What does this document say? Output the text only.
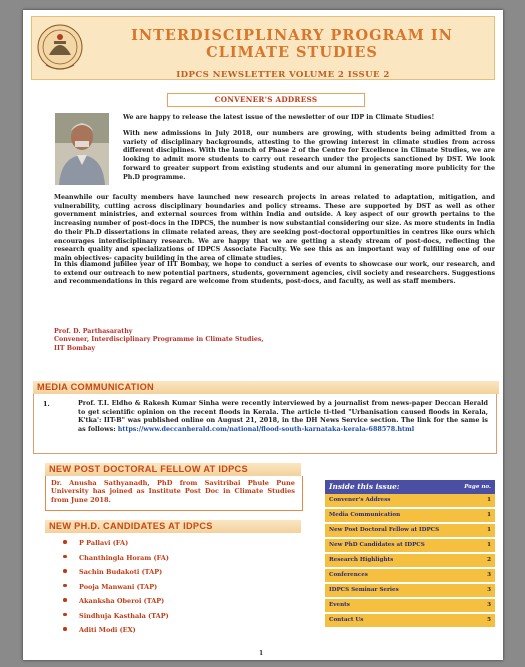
INTERDISCIPLINARY PROGRAM IN
CLIMATE STUDIES
IDPCS NEWSLETTER VOLUME 2 ISSUE 2
CONVENER'S ADDRESS

We are happy to release the latest issue of the newsletter of our IDP in Climate Studies!

With new admissions in July 2018, our numbers are growing, with students being admitted from a variety of disciplinary backgrounds, attesting to the growing interest in climate studies from across different disciplines. With the launch of Phase 2 of the Centre for Excellence in Climate Studies, we are looking to admit more students to carry out research under the projects sanctioned by DST. We look forward to greater support from existing students and our alumni in generating more publicity for the Ph.D programme.

Meanwhile our faculty members have launched new research projects in areas related to adaptation, mitigation, and vulnerability, cutting across disciplinary boundaries and policy streams. These are supported by DST as well as other government ministries, and external sources from within India and outside. A key aspect of our growth pertains to the increasing number of post-docs in the IDPCS, the number is now substantial considering our size. As more students in India do their Ph.D dissertations in climate related areas, they are seeking post-doctoral opportunities in centres like ours which encourages interdisciplinary research. We are happy that we are getting a steady stream of post-docs, reflecting the research quality and specializations of IDPCS Associate Faculty. We see this as an important way of fulfilling one of our main objectives- capacity building in the area of climate studies.

In this diamond jubilee year of IIT Bombay, we hope to conduct a series of events to showcase our work, our research, and to extend our outreach to new potential partners, students, government agencies, civil society and researchers. Suggestions and recommendations in this regard are welcome from students, post-docs, and faculty, as well as staff members.

Prof. D. Parthasarathy
Convener, Interdisciplinary Programme in Climate Studies,
IIT Bombay
MEDIA COMMUNICATION
1.	Prof. T.I. Eldho & Rakesh Kumar Sinha were recently interviewed by a journalist from news-paper Deccan Herald to get scientific opinion on the recent floods in Kerala. The article ti-tled "Urbanisation caused floods in Kerala, K'tka': IIT-B" was published online on August 21, 2018, in the DH News Service section. The link for the same is as follows: https://www.deccanherald.com/national/flood-south-karnataka-kerala-688578.html

NEW POST DOCTORAL FELLOW AT IDPCS

Dr. Anusha Sathyanadh, PhD from Savitribai Phule Pune University has joined as Institute Post Doc in Climate Studies from June 2018.

NEW PH.D. CANDIDATES AT IDPCS
P Pallavi (FA)
Chanthingla Horam (FA)
Sachin Budakoti (TAP)
Pooja Manwani (TAP)
Akanksha Oberoi (TAP)
Sindhuja Kasthala (TAP)
Aditi Modi (EX)
Inside this issue:	Page no.
Convener's Address	1
Media Communication	1
New Post Doctoral Fellow at IDPCS	1
New PhD Candidates at IDPCS	1
Research Highlights	2
Conferences	3
IDPCS Seminar Series	3
Events	3
Contact Us	5
1
